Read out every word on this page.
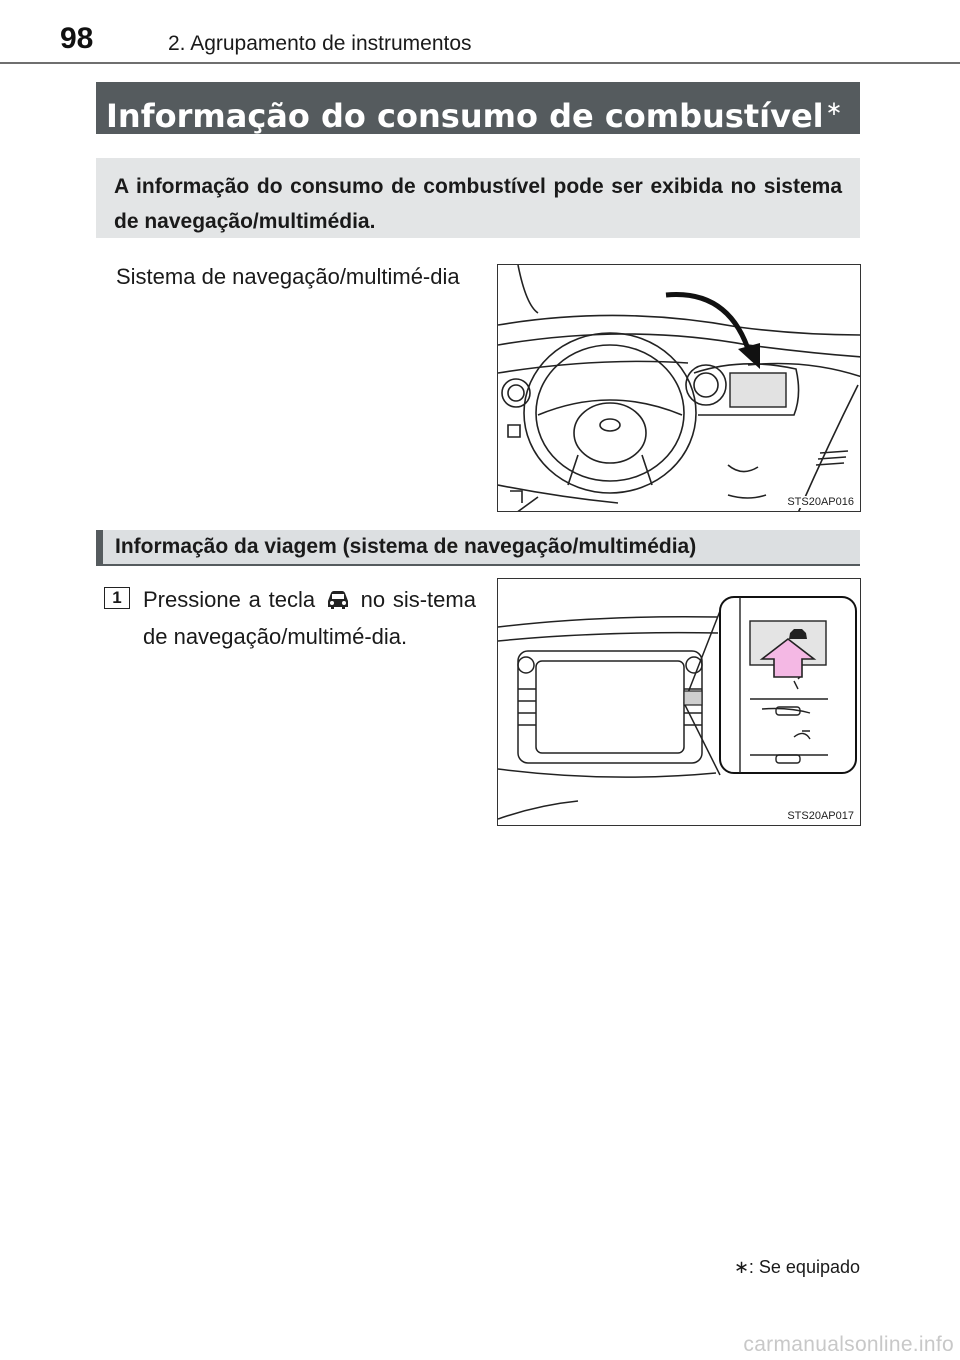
98	2. Agrupamento de instrumentos
Informação do consumo de combustível ∗
A informação do consumo de combustível pode ser exibida no sistema de navegação/multimédia.
Sistema de navegação/multimé-dia
STS20AP016
Informação da viagem (sistema de navegação/multimédia)
1 Pressione a tecla no sis-tema de navegação/multimé-dia.
STS20AP017
∗: Se equipado
carmanualsonline.info
